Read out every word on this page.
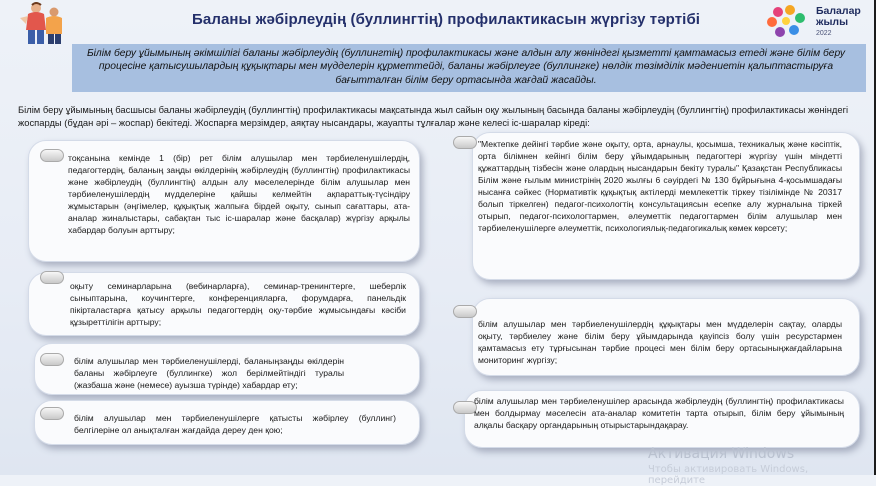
Баланы жәбірлеудің (буллингтің) профилактикасын жүргізу тәртібі	Балалар
жылы
2022
Білім беру ұйымының әкімшілігі баланы жәбірлеудің (буллингтің) профилактикасы және алдын алу жөніндегі қызметті қамтамасыз етеді және білім беру процесіне қатысушылардың құқықтары мен мүдделерін құрметтейді, баланы жәбірлеуге (буллингке) нөлдік төзімділік мәдениетін қалыптастыруға бағытталған білім беру ортасында жағдай жасайды.
Білім беру ұйымының басшысы баланы жәбірлеудің (буллингтің) профилактикасы мақсатында жыл сайын оқу жылының басында баланы жәбірлеудің (буллингтің) профилактикасы жөніндегі жоспарды (бұдан әрі – жоспар) бекітеді. Жоспарға мерзімдер, аяқтау нысандары, жауапты тұлғалар және келесі іс-шаралар кіреді:
тоқсанына кемінде 1 (бір) рет білім алушылар мен тәрбиеленушілердің, педагогтердің, баланың заңды өкілдерінің жәбірлеудің (буллингтің) профилактикасы және жәбірлеудің (буллингтің) алдын алу мәселелерінде білім алушылар мен тәрбиеленушілердің мүдделеріне қайшы келмейтін ақпараттық-түсіндіру жұмыстарын (әңгімелер, құқықтық жалпыға бірдей оқыту, сынып сағаттары, ата-аналар жиналыстары, сабақтан тыс іс-шаралар және басқалар) жүргізу арқылы хабардар болуын арттыру;
оқыту семинарларына (вебинарларға), семинар-тренингтерге, шеберлік сыныптарына, коучингтерге, конференцияларға, форумдарға, панельдік пікірталастарға қатысу арқылы педагогтердің оқу-тәрбие жұмысындағы кәсіби құзыреттілігін арттыру;
білім алушылар мен тәрбиеленушілерді, баланыңзаңды өкілдерін баланы жәбірлеуге (буллингке) жол берілмейтіндігі туралы (жазбаша және (немесе) ауызша түрінде) хабардар ету;
білім алушылар мен тәрбиеленушілерге қатысты жәбірлеу (буллинг) белгілеріне ол анықталған жағдайда дереу ден қою;
"Мектепке дейінгі тәрбие және оқыту, орта, арнаулы, қосымша, техникалық және кәсіптік, орта білімнен кейінгі білім беру ұйымдарының педагогтері жүргізу үшін міндетті құжаттардың тізбесін және олардың нысандарын бекіту туралы" Қазақстан Республикасы Білім және ғылым министрінің 2020 жылғы 6 сәуірдегі № 130 бұйрығына 4-қосымшадағы нысанға сәйкес (Нормативтік құқықтық актілерді мемлекеттік тіркеу тізілімінде № 20317 болып тіркелген) педагог-психологтің консультациясын есепке алу журналына тіркей отырып, педагог-психологтармен, әлеуметтік педагогтармен білім алушылар мен тәрбиеленушілерге әлеуметтік, психологиялық-педагогикалық көмек көрсету;
білім алушылар мен тәрбиеленушілердің құқықтары мен мүдделерін сақтау, оларды оқыту, тәрбиелеу және білім беру ұйымдарында қауіпсіз болу үшін ресурстармен қамтамасыз ету тұрғысынан тәрбие процесі мен білім беру ортасыныңжағдайларына мониторинг жүргізу;
білім алушылар мен тәрбиеленушілер арасында жәбірлеудің (буллингтің) профилактикасы мен болдырмау мәселесін ата-аналар комитетін тарта отырып, білім беру ұйымының алқалы басқару органдарының отырыстарындақарау.
Активация Windows
Чтобы активировать Windows, перейдите
